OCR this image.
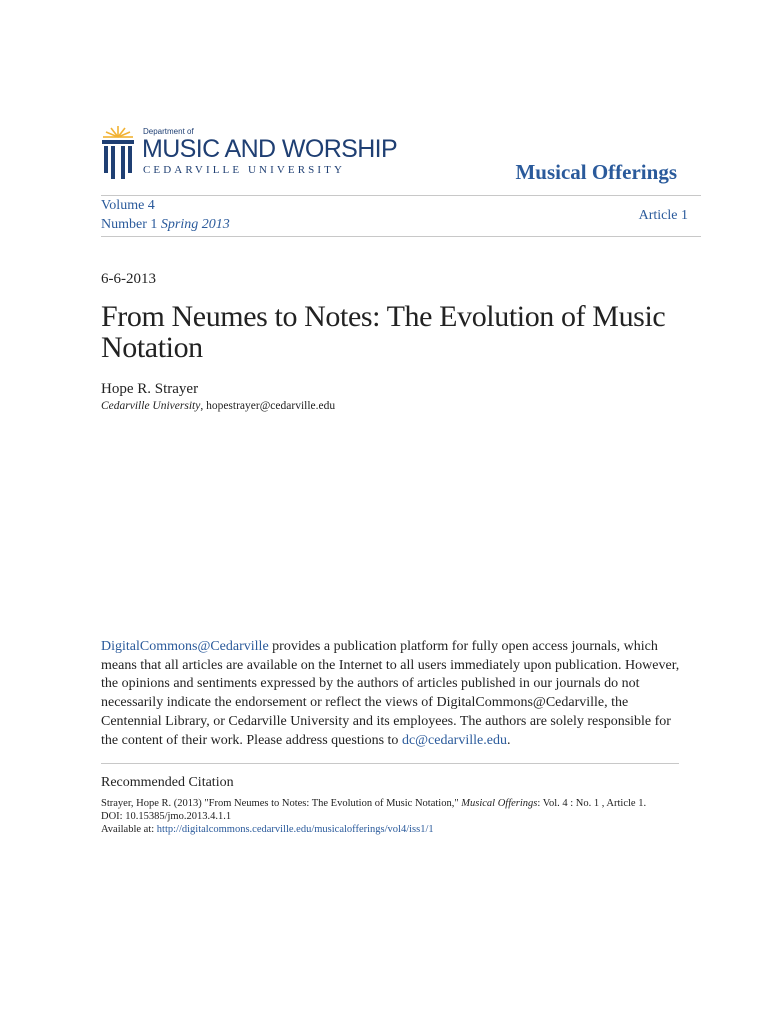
Department of
MUSIC AND WORSHIP
CEDARVILLE UNIVERSITY	Musical Offerings
Volume 4
Number 1 Spring 2013
Article 1
6-6-2013
From Neumes to Notes: The Evolution of Music Notation
Hope R. Strayer
Cedarville University, hopestrayer@cedarville.edu
DigitalCommons@Cedarville provides a publication platform for fully open access journals, which means that all articles are available on the Internet to all users immediately upon publication. However, the opinions and sentiments expressed by the authors of articles published in our journals do not necessarily indicate the endorsement or reflect the views of DigitalCommons@Cedarville, the Centennial Library, or Cedarville University and its employees. The authors are solely responsible for the content of their work. Please address questions to dc@cedarville.edu.
Recommended Citation
Strayer, Hope R. (2013) "From Neumes to Notes: The Evolution of Music Notation," Musical Offerings: Vol. 4 : No. 1 , Article 1.
DOI: 10.15385/jmo.2013.4.1.1
Available at: http://digitalcommons.cedarville.edu/musicalofferings/vol4/iss1/1
